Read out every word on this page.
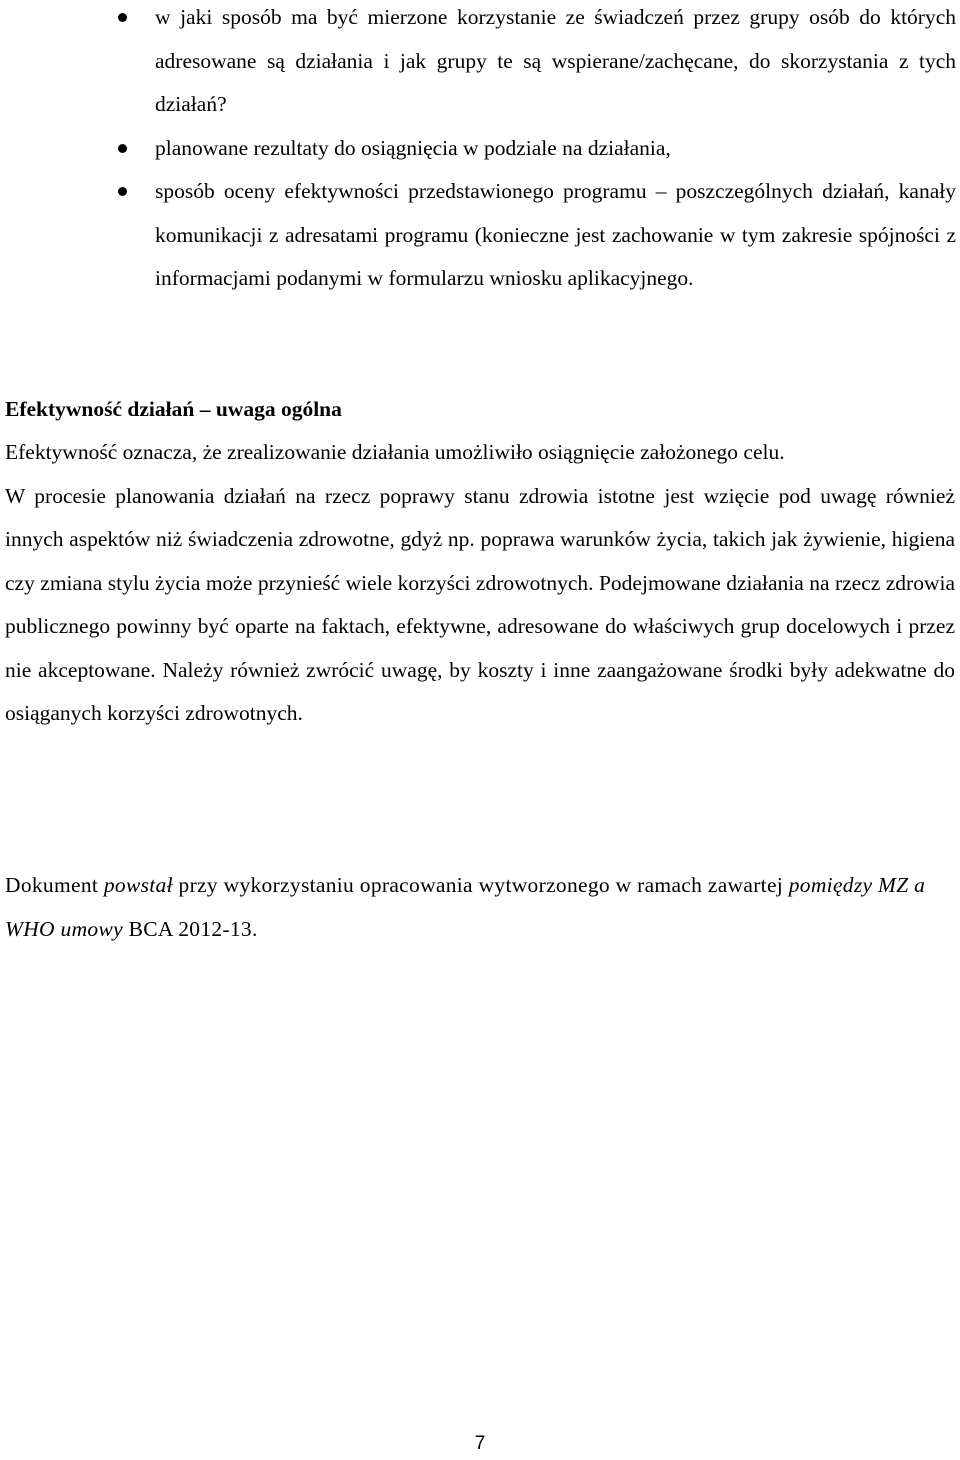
w jaki sposób ma być mierzone korzystanie ze świadczeń przez grupy osób do których adresowane są działania i jak grupy te są wspierane/zachęcane, do skorzystania z tych działań?
planowane rezultaty do osiągnięcia w podziale na działania,
sposób oceny efektywności przedstawionego programu – poszczególnych działań, kanały komunikacji z adresatami programu (konieczne jest zachowanie w tym zakresie spójności z informacjami podanymi w formularzu wniosku aplikacyjnego.
Efektywność działań – uwaga ogólna

Efektywność oznacza, że zrealizowanie działania umożliwiło osiągnięcie założonego celu.

W procesie planowania działań na rzecz poprawy stanu zdrowia istotne jest wzięcie pod uwagę również innych aspektów niż świadczenia zdrowotne, gdyż np. poprawa warunków życia, takich jak żywienie, higiena czy zmiana stylu życia może przynieść wiele korzyści zdrowotnych. Podejmowane działania na rzecz zdrowia publicznego powinny być oparte na faktach, efektywne, adresowane do właściwych grup docelowych i przez nie akceptowane. Należy również zwrócić uwagę, by koszty i inne zaangażowane środki były adekwatne do osiąganych korzyści zdrowotnych.

Dokument powstał przy wykorzystaniu opracowania wytworzonego w ramach zawartej pomiędzy MZ a WHO umowy BCA 2012-13.

7
